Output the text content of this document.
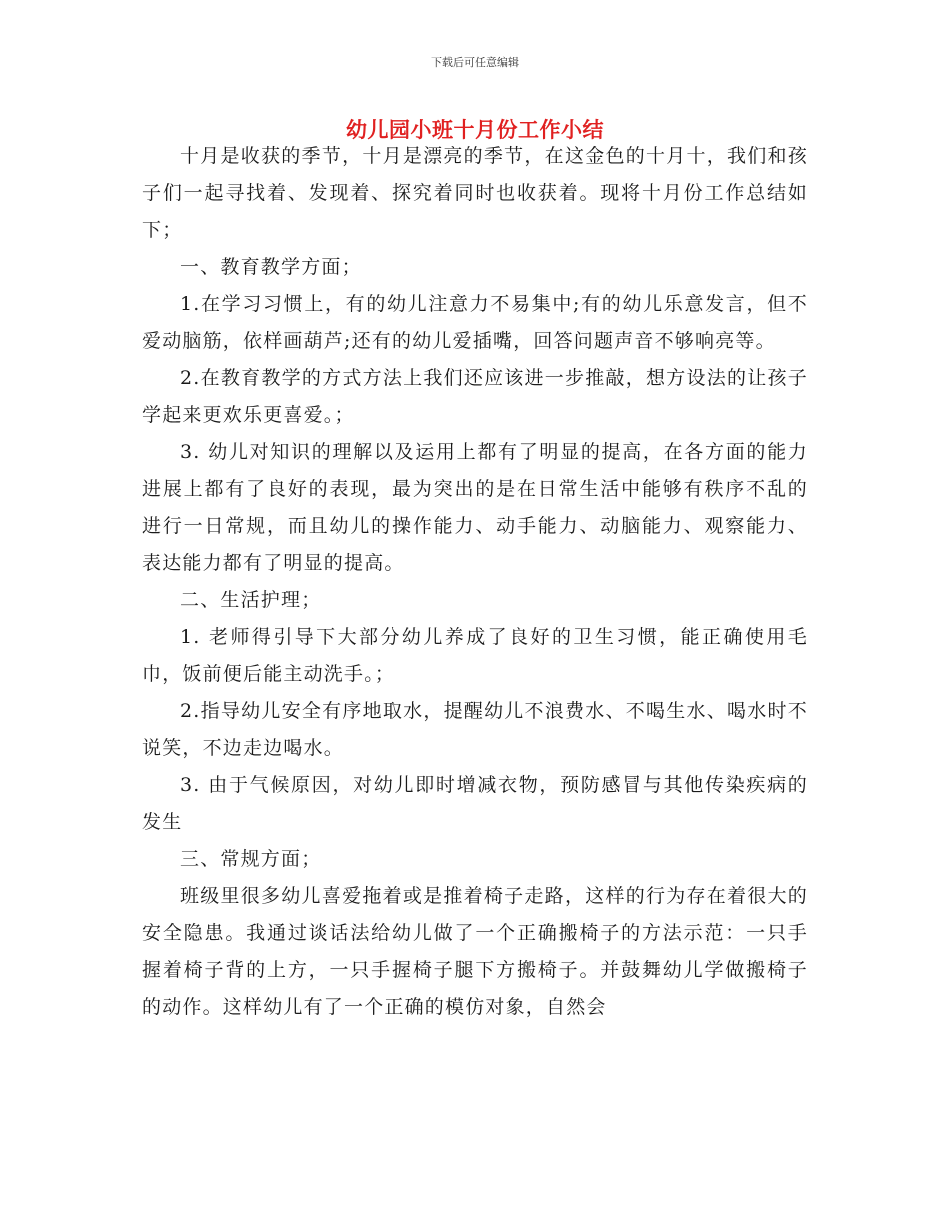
下载后可任意编辑
幼儿园小班十月份工作小结

十月是收获的季节，十月是漂亮的季节，在这金色的十月十，我们和孩子们一起寻找着、发现着、探究着同时也收获着。现将十月份工作总结如下；

一、教育教学方面；

1.在学习习惯上，有的幼儿注意力不易集中;有的幼儿乐意发言，但不爱动脑筋，依样画葫芦;还有的幼儿爱插嘴，回答问题声音不够响亮等。

2.在教育教学的方式方法上我们还应该进一步推敲，想方设法的让孩子学起来更欢乐更喜爱。；

3. 幼儿对知识的理解以及运用上都有了明显的提高，在各方面的能力进展上都有了良好的表现，最为突出的是在日常生活中能够有秩序不乱的进行一日常规，而且幼儿的操作能力、动手能力、动脑能力、观察能力、表达能力都有了明显的提高。

二、生活护理；

1. 老师得引导下大部分幼儿养成了良好的卫生习惯，能正确使用毛巾，饭前便后能主动洗手。；

2.指导幼儿安全有序地取水，提醒幼儿不浪费水、不喝生水、喝水时不说笑，不边走边喝水。

3. 由于气候原因，对幼儿即时增减衣物，预防感冒与其他传染疾病的发生

三、常规方面；

班级里很多幼儿喜爱拖着或是推着椅子走路，这样的行为存在着很大的安全隐患。我通过谈话法给幼儿做了一个正确搬椅子的方法示范：一只手握着椅子背的上方，一只手握椅子腿下方搬椅子。并鼓舞幼儿学做搬椅子的动作。这样幼儿有了一个正确的模仿对象，自然会
